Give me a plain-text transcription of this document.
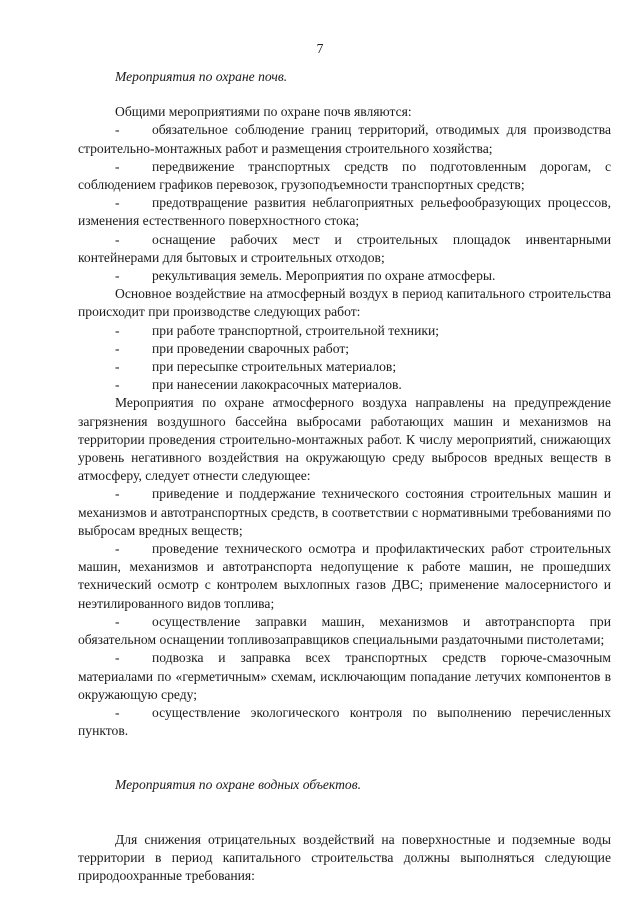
7

Мероприятия по охране почв.

Общими мероприятиями по охране почв являются:

- обязательное соблюдение границ территорий, отводимых для производства строительно-монтажных работ и размещения строительного хозяйства;

- передвижение транспортных средств по подготовленным дорогам, с соблюдением графиков перевозок, грузоподъемности транспортных средств;

- предотвращение развития неблагоприятных рельефообразующих процессов, изменения естественного поверхностного стока;

- оснащение рабочих мест и строительных площадок инвентарными контейнерами для бытовых и строительных отходов;

- рекультивация земель. Мероприятия по охране атмосферы.

Основное воздействие на атмосферный воздух в период капитального строительства происходит при производстве следующих работ:

- при работе транспортной, строительной техники;

- при проведении сварочных работ;

- при пересыпке строительных материалов;

- при нанесении лакокрасочных материалов.

Мероприятия по охране атмосферного воздуха направлены на предупреждение загрязнения воздушного бассейна выбросами работающих машин и механизмов на территории проведения строительно-монтажных работ. К числу мероприятий, снижающих уровень негативного воздействия на окружающую среду выбросов вредных веществ в атмосферу, следует отнести следующее:

- приведение и поддержание технического состояния строительных машин и механизмов и автотранспортных средств, в соответствии с нормативными требованиями по выбросам вредных веществ;

- проведение технического осмотра и профилактических работ строительных машин, механизмов и автотранспорта недопущение к работе машин, не прошедших технический осмотр с контролем выхлопных газов ДВС; применение малосернистого и неэтилированного видов топлива;

- осуществление заправки машин, механизмов и автотранспорта при обязательном оснащении топливозаправщиков специальными раздаточными пистолетами;

- подвозка и заправка всех транспортных средств горюче-смазочным материалами по «герметичным» схемам, исключающим попадание летучих компонентов в окружающую среду;

- осуществление экологического контроля по выполнению перечисленных пунктов.

Мероприятия по охране водных объектов.

Для снижения отрицательных воздействий на поверхностные и подземные воды территории в период капитального строительства должны выполняться следующие природоохранные требования:
